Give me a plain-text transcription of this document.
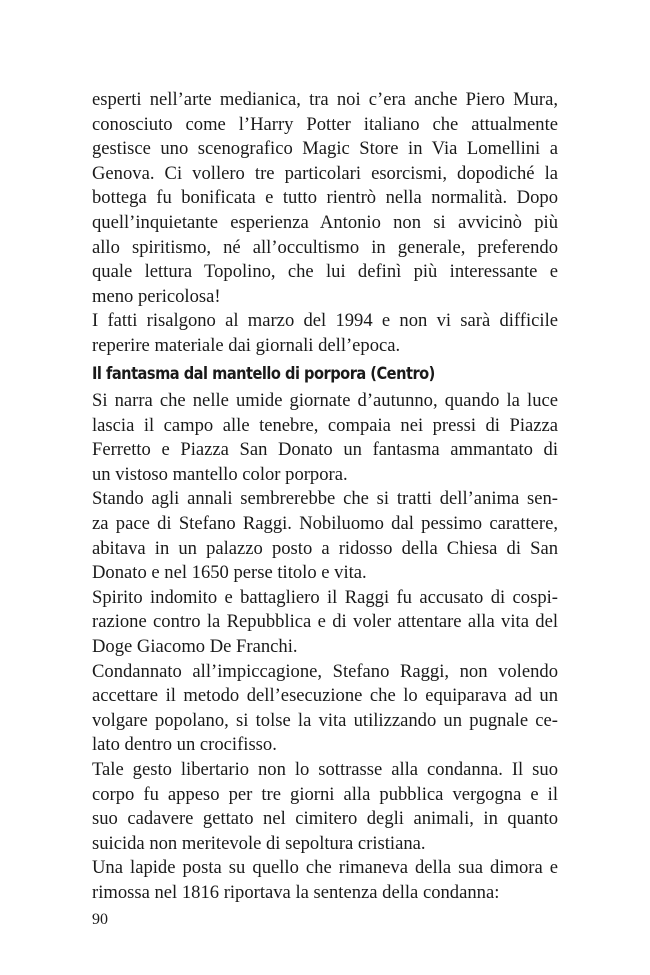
esperti nell’arte medianica, tra noi c’era anche Piero Mura,
conosciuto come l’Harry Potter italiano che attualmente
gestisce uno scenografico Magic Store in Via Lomellini a
Genova. Ci vollero tre particolari esorcismi, dopodiché la
bottega fu bonificata e tutto rientrò nella normalità. Dopo
quell’inquietante esperienza Antonio non si avvicinò più
allo spiritismo, né all’occultismo in generale, preferendo
quale lettura Topolino, che lui definì più interessante e
meno pericolosa!
I fatti risalgono al marzo del 1994 e non vi sarà difficile
reperire materiale dai giornali dell’epoca.
Il fantasma dal mantello di porpora (Centro)
Si narra che nelle umide giornate d’autunno, quando la luce
lascia il campo alle tenebre, compaia nei pressi di Piazza
Ferretto e Piazza San Donato un fantasma ammantato di
un vistoso mantello color porpora.
Stando agli annali sembrerebbe che si tratti dell’anima sen-
za pace di Stefano Raggi. Nobiluomo dal pessimo carattere,
abitava in un palazzo posto a ridosso della Chiesa di San
Donato e nel 1650 perse titolo e vita.
Spirito indomito e battagliero il Raggi fu accusato di cospi-
razione contro la Repubblica e di voler attentare alla vita del
Doge Giacomo De Franchi.
Condannato all’impiccagione, Stefano Raggi, non volendo
accettare il metodo dell’esecuzione che lo equiparava ad un
volgare popolano, si tolse la vita utilizzando un pugnale ce-
lato dentro un crocifisso.
Tale gesto libertario non lo sottrasse alla condanna. Il suo
corpo fu appeso per tre giorni alla pubblica vergogna e il
suo cadavere gettato nel cimitero degli animali, in quanto
suicida non meritevole di sepoltura cristiana.
Una lapide posta su quello che rimaneva della sua dimora e
rimossa nel 1816 riportava la sentenza della condanna:
90
